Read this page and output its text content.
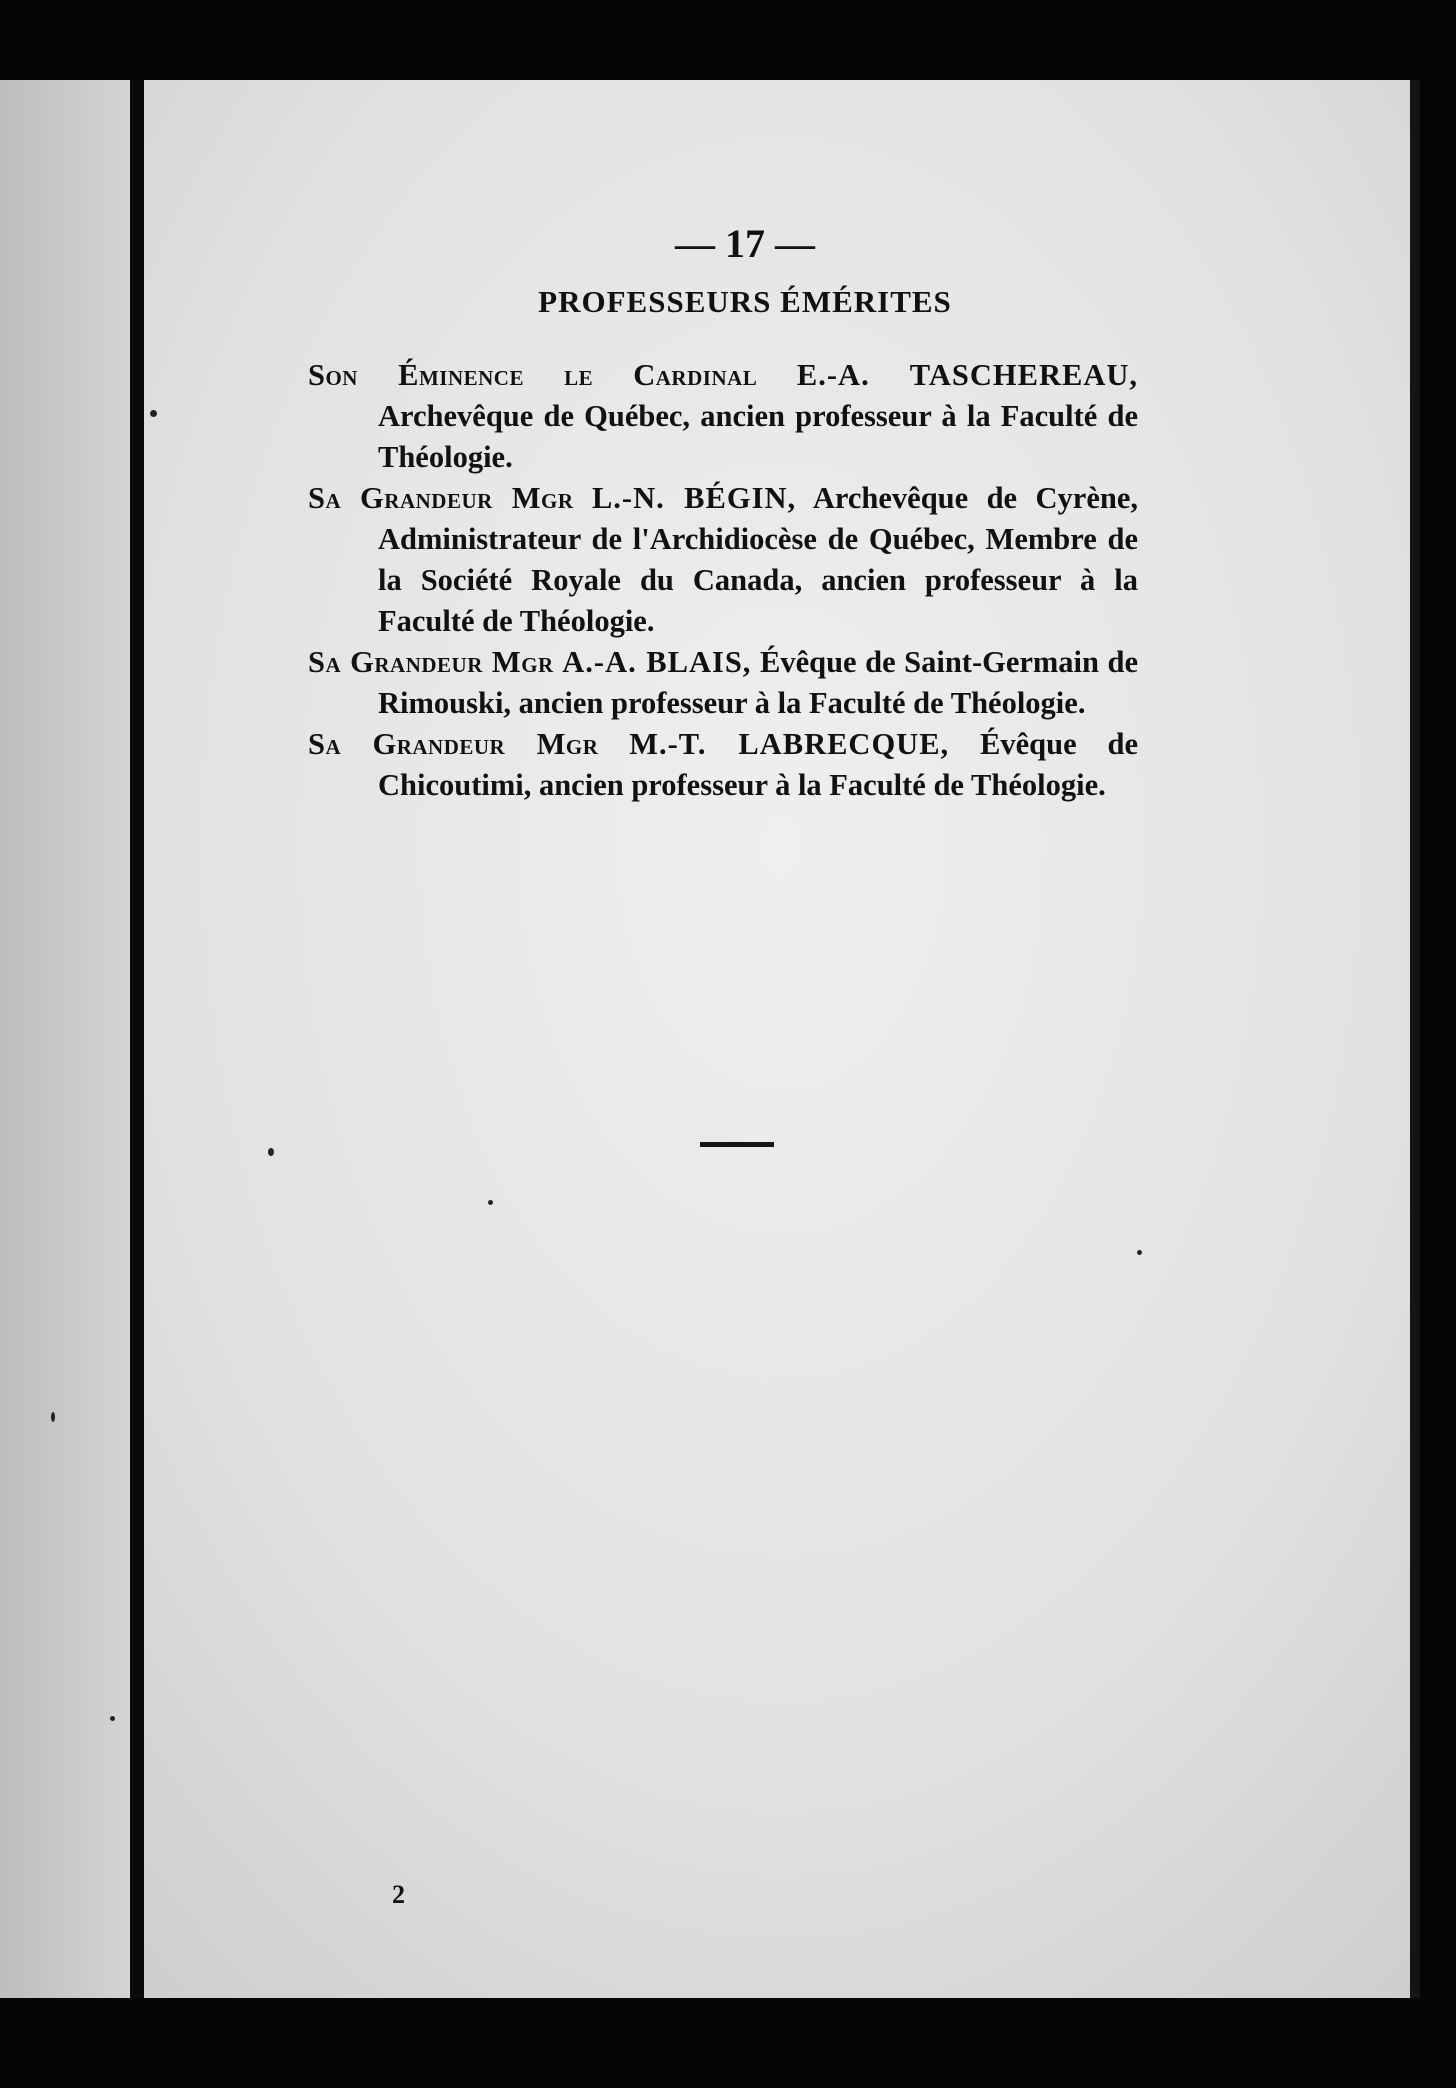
— 17 —
PROFESSEURS ÉMÉRITES

Son Éminence le Cardinal E.-A. TASCHEREAU, Archevêque de Québec, ancien professeur à la Faculté de Théologie.

Sa Grandeur Mgr L.-N. BÉGIN, Archevêque de Cyrène, Administrateur de l'Archidiocèse de Québec, Membre de la Société Royale du Canada, ancien professeur à la Faculté de Théologie.

Sa Grandeur Mgr A.-A. BLAIS, Évêque de Saint-Germain de Rimouski, ancien professeur à la Faculté de Théologie.

Sa Grandeur Mgr M.-T. LABRECQUE, Évêque de Chicoutimi, ancien professeur à la Faculté de Théologie.

2
